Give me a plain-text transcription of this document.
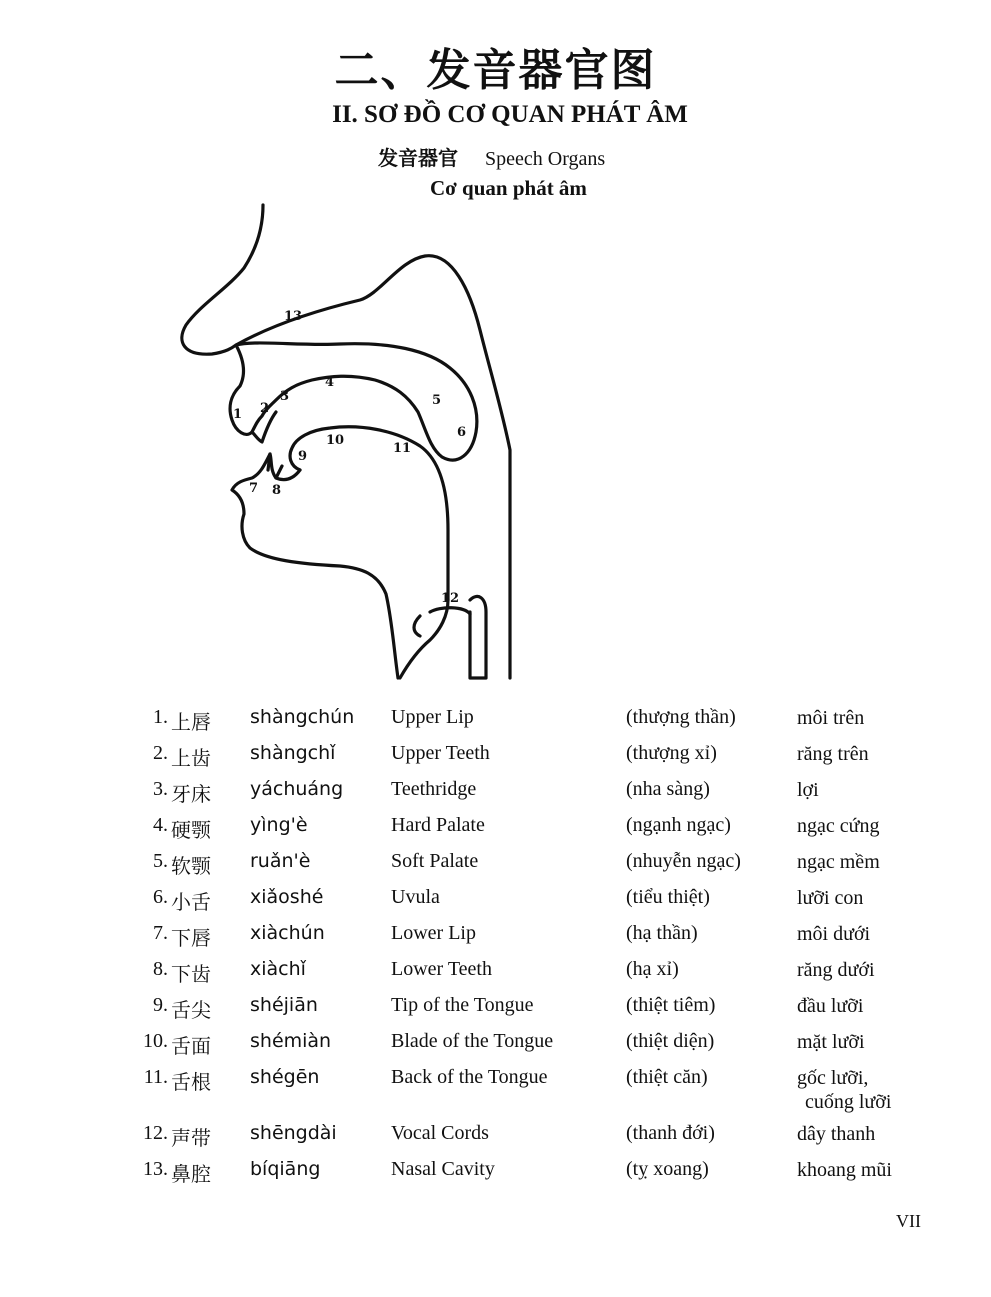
二、发音器官图
II. SƠ ĐỒ CƠ QUAN PHÁT ÂM
发音器官 Speech Organs
Cơ quan phát âm
1 2
3
4
5
6
7 8
9
10
11
12
13
1. 上唇 shàngchún Upper Lip	(thượng thần)	môi trên
2. 上齿 shàngchǐ	Upper Teeth	(thượng xỉ)	răng trên
3. 牙床 yáchuáng Teethridge	(nha sàng)	lợi
4. 硬颚 yìng'è	Hard Palate	(ngạnh ngạc)	ngạc cứng
5. 软颚 ruǎn'è	Soft Palate	(nhuyễn ngạc)	ngạc mềm
6. 小舌 xiǎoshé	Uvula	(tiểu thiệt)	lưỡi con
7. 下唇 xiàchún	Lower Lip	(hạ thần)	môi dưới
8. 下齿 xiàchǐ	Lower Teeth	(hạ xỉ)	răng dưới
9. 舌尖 shéjiān	Tip of the Tongue	(thiệt tiêm)	đầu lưỡi
10. 舌面 shémiàn	Blade of the Tongue	(thiệt diện)	mặt lưỡi
11. 舌根 shégēn	Back of the Tongue	(thiệt căn)	gốc lưỡi,
cuống lưỡi
12. 声带 shēngdài	Vocal Cords	(thanh đới)	dây thanh
13. 鼻腔 bíqiāng	Nasal Cavity	(tỵ xoang)	khoang mũi
VII
